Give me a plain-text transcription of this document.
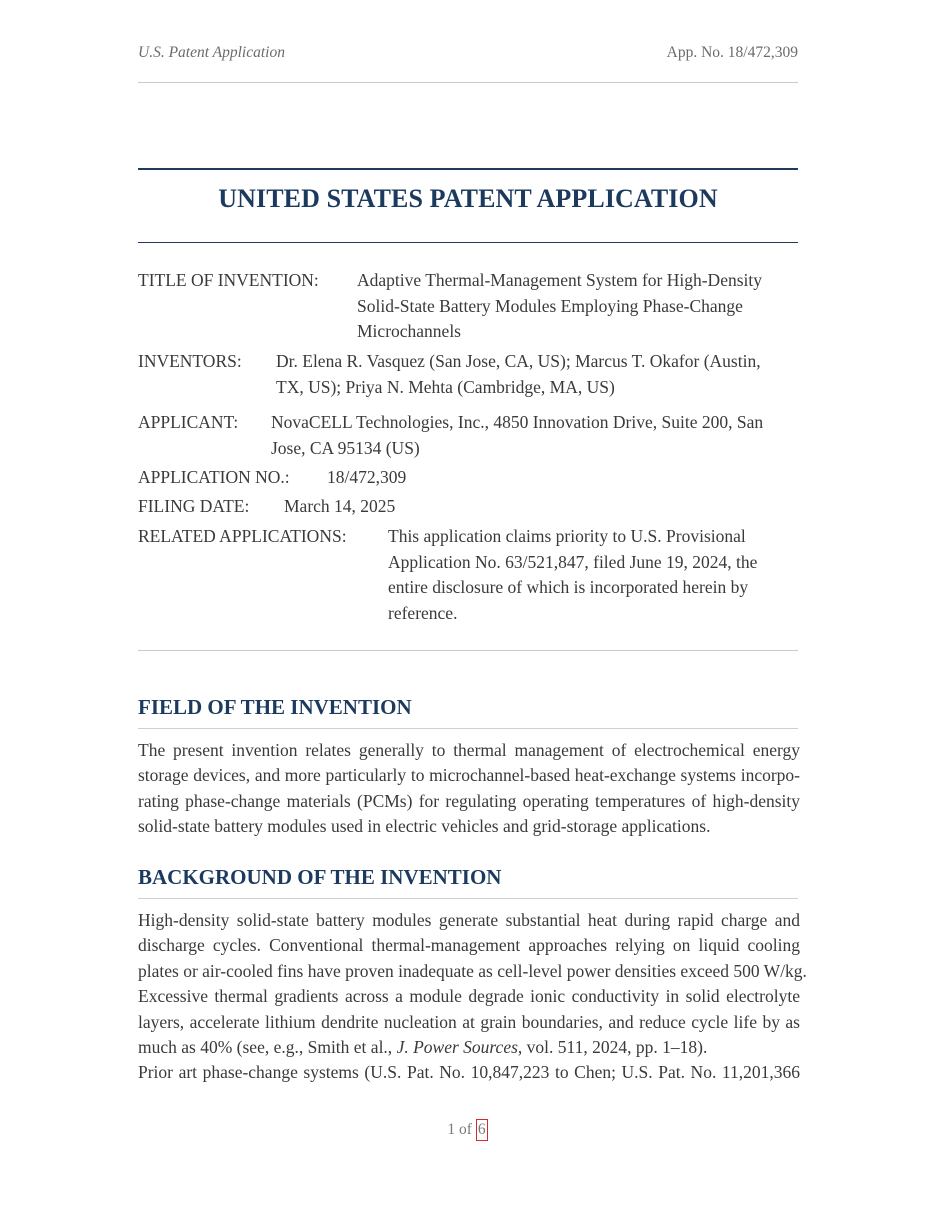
U.S. Patent Application	App. No. 18/472,309
UNITED STATES PATENT APPLICATION
TITLE OF INVENTION: Adaptive Thermal-Management System for High-Density
Solid-State Battery Modules Employing Phase-Change
Microchannels
INVENTORS: Dr. Elena R. Vasquez (San Jose, CA, US); Marcus T. Okafor (Austin,
TX, US); Priya N. Mehta (Cambridge, MA, US)
APPLICANT: NovaCELL Technologies, Inc., 4850 Innovation Drive, Suite 200, San
Jose, CA 95134 (US)
APPLICATION NO.: 18/472,309
FILING DATE: March 14, 2025
RELATED APPLICATIONS: This application claims priority to U.S. Provisional
Application No. 63/521,847, filed June 19, 2024, the
entire disclosure of which is incorporated herein by
reference.
FIELD OF THE INVENTION
The present invention relates generally to thermal management of electrochemical energy
storage devices, and more particularly to microchannel-based heat-exchange systems incorpo-
rating phase-change materials (PCMs) for regulating operating temperatures of high-density
solid-state battery modules used in electric vehicles and grid-storage applications.
BACKGROUND OF THE INVENTION
High-density solid-state battery modules generate substantial heat during rapid charge and
discharge cycles. Conventional thermal-management approaches relying on liquid cooling
plates or air-cooled fins have proven inadequate as cell-level power densities exceed 500 W/kg.
Excessive thermal gradients across a module degrade ionic conductivity in solid electrolyte
layers, accelerate lithium dendrite nucleation at grain boundaries, and reduce cycle life by as
much as 40% (see, e.g., Smith et al., J. Power Sources, vol. 511, 2024, pp. 1–18).
Prior art phase-change systems (U.S. Pat. No. 10,847,223 to Chen; U.S. Pat. No. 11,201,366
1 of 6
